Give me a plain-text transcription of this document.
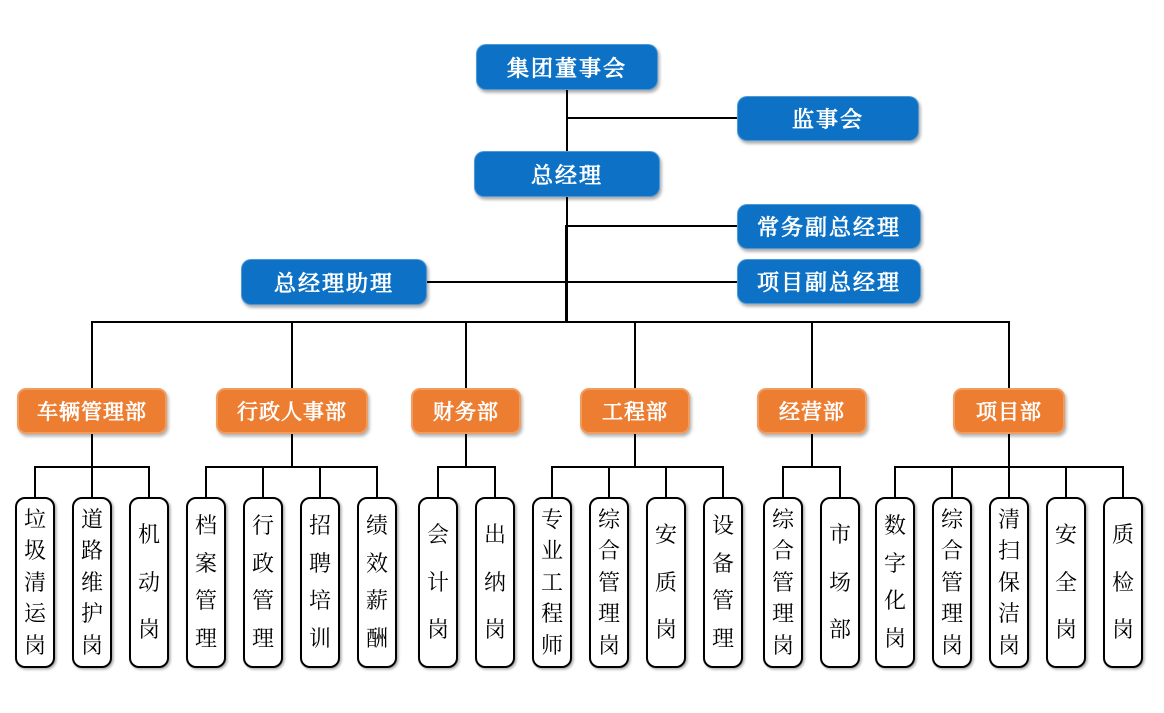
集团董事会
监事会
总经理
常务副总经理
总经理助理	项目副总经理
车辆管理部
垃
圾
清
运
岗
道
路
维
护
岗
机
动
岗
行政人事部
档
案
管
理
行
政
管
理
招
聘
培
训
绩
效
薪
酬
财务部
会
计
岗
出
纳
岗
工程部
专
业
工
程
师
综
合
管
理
岗
安
质
岗
设
备
管
理
经营部
综
合
管
理
岗
市
场
部
项目部
数
字
化
岗
综
合
管
理
岗
清
扫
保
洁
岗
安
全
岗
质
检
岗
